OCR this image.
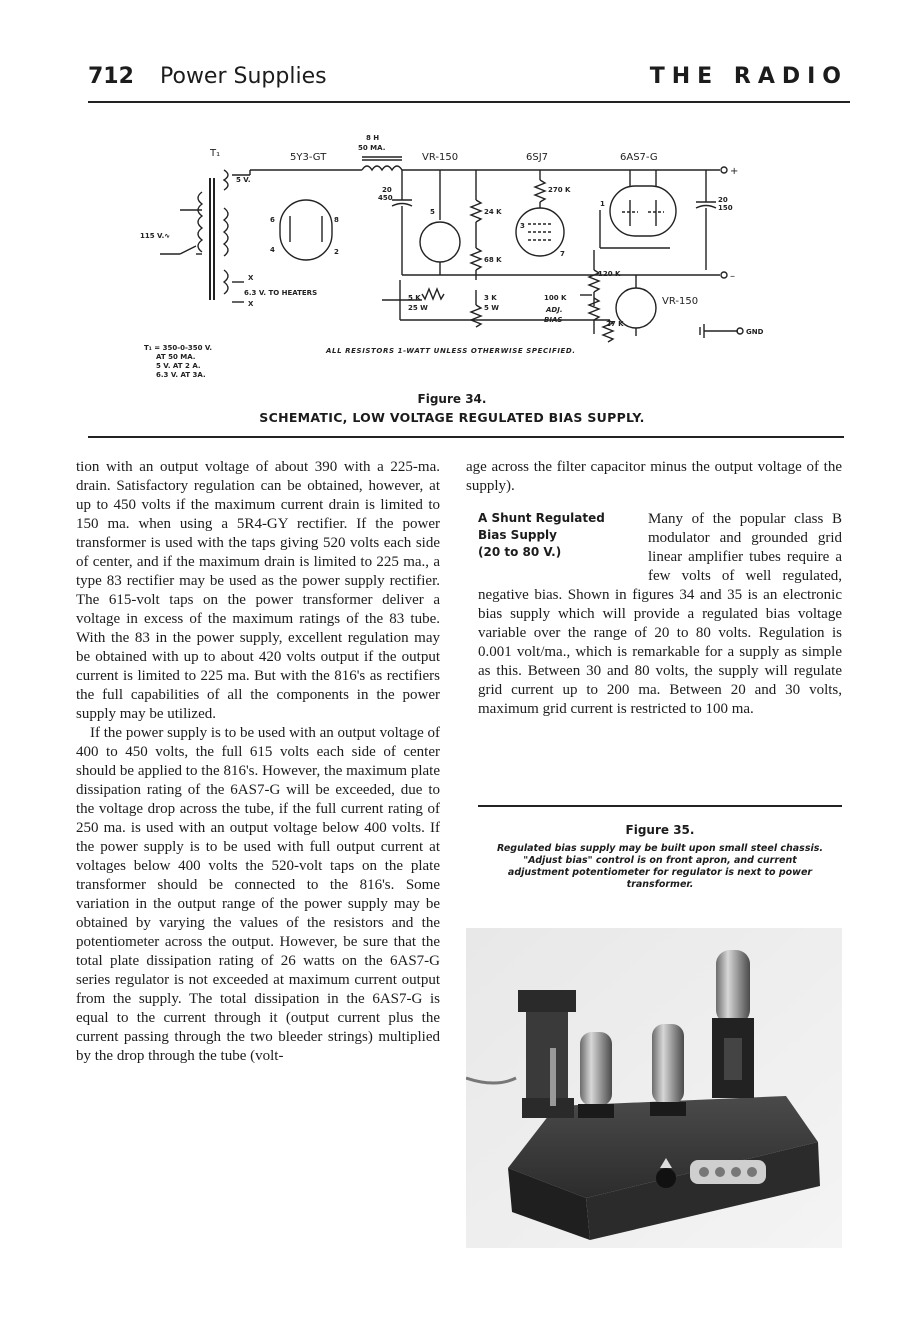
712 Power Supplies	THE RADIO
T₁	5Y3-GT
8 H
50 MA.
VR-150	6SJ7	6AS7-G
+
–
5 V.
20
450	20
150
270 K
24 K
68 K
120 K
27 K
5 K
25 W
3 K
5 W
100 K
ADJ.
BIAS
VR-150
115 V.∿
X
6.3 V. TO HEATERS
X
GND
5
6	8
4	2
3
1
7
T₁ = 350-0-350 V.
AT 50 MA.
5 V. AT 2 A.
6.3 V. AT 3A.
ALL RESISTORS 1-WATT UNLESS OTHERWISE SPECIFIED.
Figure 34.
SCHEMATIC, LOW VOLTAGE REGULATED BIAS SUPPLY.

tion with an output voltage of about 390 with a 225-ma. drain. Satisfactory regulation can be obtained, however, at up to 450 volts if the maximum current drain is limited to 150 ma. when using a 5R4-GY rectifier. If the power transformer is used with the taps giving 520 volts each side of center, and if the maximum drain is limited to 225 ma., a type 83 rectifier may be used as the power supply rectifier. The 615-volt taps on the power transformer deliver a voltage in excess of the maximum ratings of the 83 tube. With the 83 in the power supply, excellent regulation may be obtained with up to about 420 volts output if the output current is limited to 225 ma. But with the 816's as rectifiers the full capabilities of all the components in the power supply may be utilized.

If the power supply is to be used with an output voltage of 400 to 450 volts, the full 615 volts each side of center should be applied to the 816's. However, the maximum plate dissipation rating of the 6AS7-G will be exceeded, due to the voltage drop across the tube, if the full current rating of 250 ma. is used with an output voltage below 400 volts. If the power supply is to be used with full output current at voltages below 400 volts the 520-volt taps on the plate transformer should be connected to the 816's. Some variation in the output range of the power supply may be obtained by varying the values of the resistors and the potentiometer across the output. However, be sure that the total plate dissipation rating of 26 watts on the 6AS7-G series regulator is not exceeded at maximum current output from the supply. The total dissipation in the 6AS7-G is equal to the current through it (output current plus the current passing through the two bleeder strings) multiplied by the drop through the tube (volt-

age across the filter capacitor minus the output voltage of the supply).

A Shunt Regulated
Bias Supply
(20 to 80 V.)

Many of the popular class B modulator and grounded grid linear amplifier tubes require a few volts of well regulated, negative bias. Shown in figures 34 and 35 is an electronic bias supply which will provide a regulated bias voltage variable over the range of 20 to 80 volts. Regulation is 0.001 volt/ma., which is remarkable for a supply as simple as this. Between 30 and 80 volts, the supply will regulate grid current up to 200 ma. Between 20 and 30 volts, maximum grid current is restricted to 100 ma.

Figure 35.
Regulated bias supply may be built upon small steel chassis. "Adjust bias" control is on front apron, and current adjustment potentiometer for regulator is next to power transformer.
